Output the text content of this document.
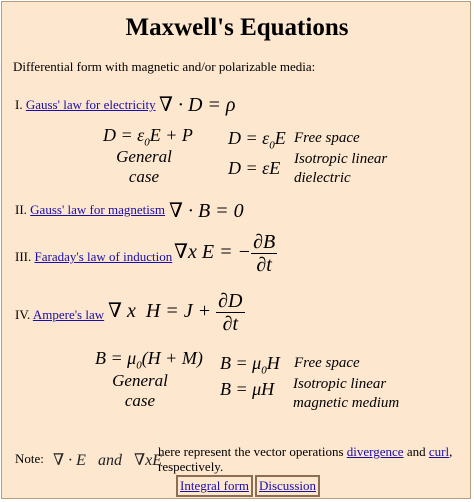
Maxwell's Equations
Differential form with magnetic and/or polarizable media:
I. Gauss' law for electricity ∇ · D = ρ
$D = \varepsilon_0E + P$
General
case
$D = \varepsilon_0E$ Free space
D = εE Isotropic linear
dielectric
II. Gauss' law for magnetism ∇ · B = 0
III. Faraday's law of induction ∇x E = − $\frac{\partial B}{\partial t}$
IV. Ampere's law ∇ x  $H = J + \frac{\partial D}{\partial t}$
$B = \mu_0(H + M)$
General
case
$B = \mu_0H$ Free space
B = μH Isotropic linear
magnetic medium
Note: ∇ · E   and ∇xE
here represent the vector operations divergence and curl,
respectively.
Integral form Discussion
